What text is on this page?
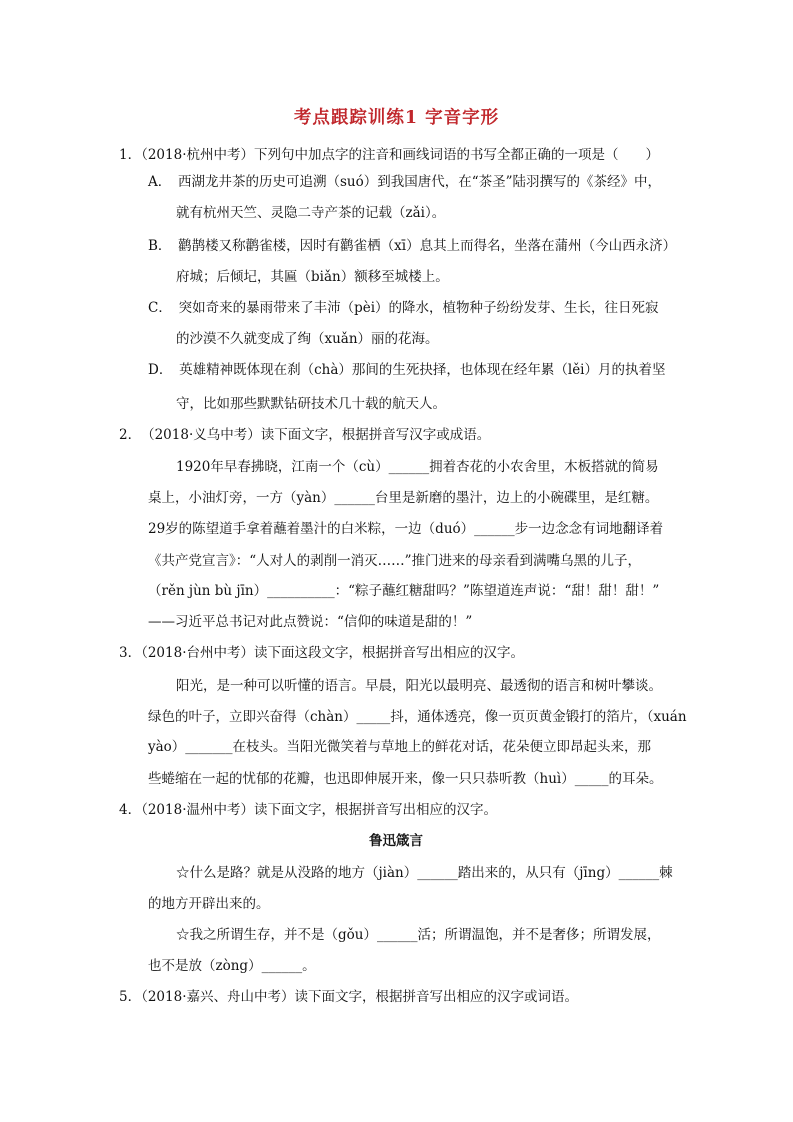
考点跟踪训练1 字音字形
1．（2018·杭州中考）下列句中加点字的注音和画线词语的书写全都正确的一项是（　　）
A．　西湖龙井茶的历史可追溯（suó）到我国唐代，在“茶圣”陆羽撰写的《茶经》中，
就有杭州天竺、灵隐二寺产茶的记载（zǎi）。
B．　鹳鹊楼又称鹳雀楼，因时有鹳雀栖（xī）息其上而得名，坐落在蒲州（今山西永济）
府城；后倾圮，其匾（biǎn）额移至城楼上。
C．　突如奇来的暴雨带来了丰沛（pèi）的降水，植物种子纷纷发芽、生长，往日死寂
的沙漠不久就变成了绚（xuǎn）丽的花海。
D．　英雄精神既体现在刹（chà）那间的生死抉择，也体现在经年累（lěi）月的执着坚
守，比如那些默默钻研技术几十载的航天人。
2．　（2018·义乌中考）读下面文字，根据拼音写汉字或成语。
1920年早春拂晓，江南一个（cù）______拥着杏花的小农舍里，木板搭就的简易
桌上，小油灯旁，一方（yàn）______台里是新磨的墨汁，边上的小碗碟里，是红糖。
29岁的陈望道手拿着蘸着墨汁的白米粽，一边（duó）______步一边念念有词地翻译着
《共产党宣言》：“人对人的剥削一消灭……”推门进来的母亲看到满嘴乌黑的儿子，
（rěn jùn bù jīn）__________：“粽子蘸红糖甜吗？”陈望道连声说：“甜！甜！甜！”
——习近平总书记对此点赞说：“信仰的味道是甜的！”
3．（2018·台州中考）读下面这段文字，根据拼音写出相应的汉字。
阳光，是一种可以听懂的语言。早晨，阳光以最明亮、最透彻的语言和树叶攀谈。
绿色的叶子，立即兴奋得（chàn）_____抖，通体透亮，像一页页黄金锻打的箔片，（xuán
yào）_______在枝头。当阳光微笑着与草地上的鲜花对话，花朵便立即昂起头来，那
些蜷缩在一起的忧郁的花瓣，也迅即伸展开来，像一只只恭听教（huì）_____的耳朵。
4．（2018·温州中考）读下面文字，根据拼音写出相应的汉字。
鲁迅箴言
☆什么是路？就是从没路的地方（jiàn）______踏出来的，从只有（jīng）______棘
的地方开辟出来的。
☆我之所谓生存，并不是（gǒu）______活；所谓温饱，并不是奢侈；所谓发展，
也不是放（zòng）______。
5．（2018·嘉兴、舟山中考）读下面文字，根据拼音写出相应的汉字或词语。
